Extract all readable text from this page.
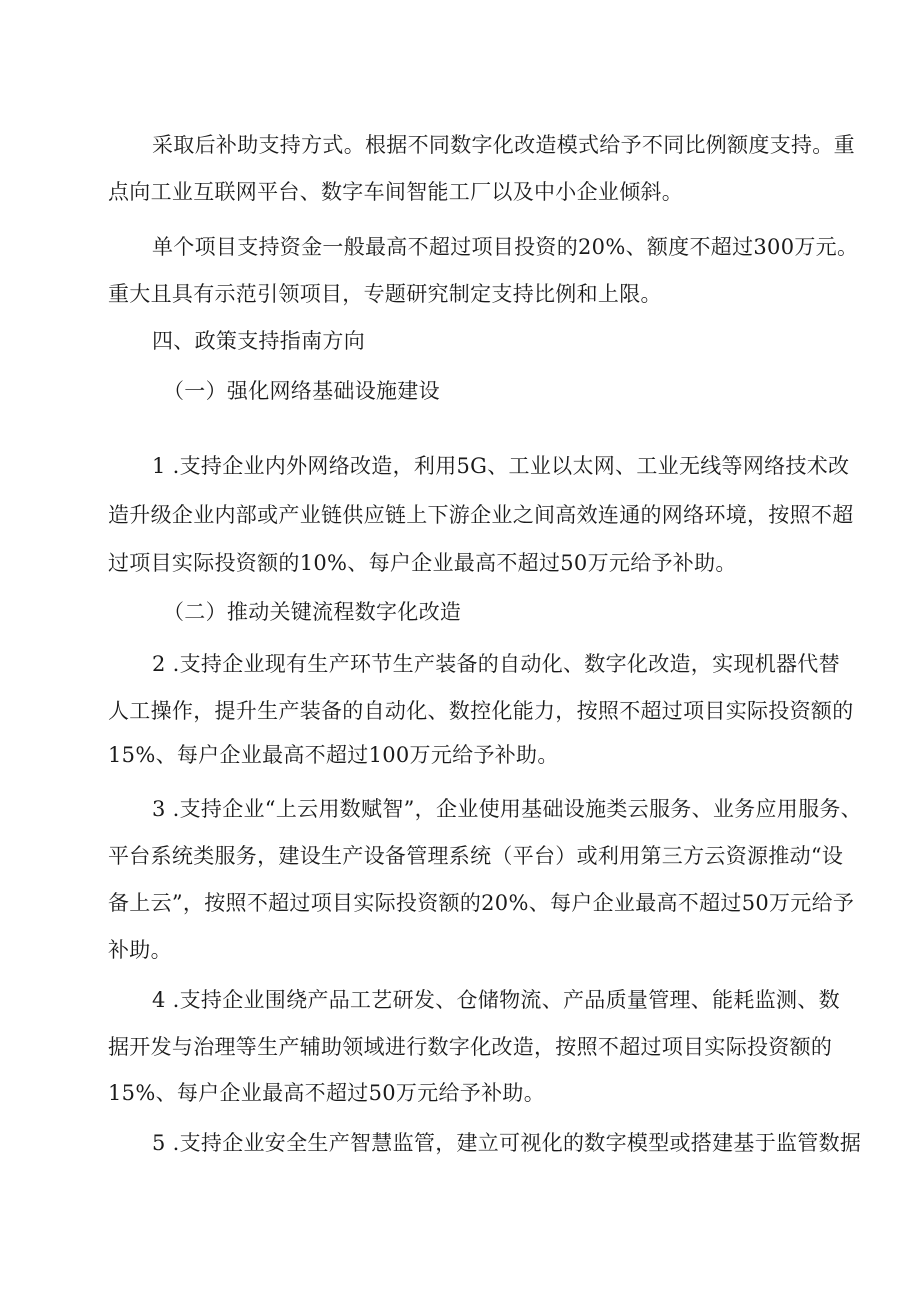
采取后补助支持方式。根据不同数字化改造模式给予不同比例额度支持。重
点向工业互联网平台、数字车间智能工厂以及中小企业倾斜。
单个项目支持资金一般最高不超过项目投资的20%、额度不超过300万元。
重大且具有示范引领项目，专题研究制定支持比例和上限。
四、政策支持指南方向
（一）强化网络基础设施建设
1 .支持企业内外网络改造，利用5G、工业以太网、工业无线等网络技术改
造升级企业内部或产业链供应链上下游企业之间高效连通的网络环境，按照不超
过项目实际投资额的10%、每户企业最高不超过50万元给予补助。
（二）推动关键流程数字化改造
2 .支持企业现有生产环节生产装备的自动化、数字化改造，实现机器代替
人工操作，提升生产装备的自动化、数控化能力，按照不超过项目实际投资额的
15%、每户企业最高不超过100万元给予补助。
3 .支持企业“上云用数赋智”，企业使用基础设施类云服务、业务应用服务、
平台系统类服务，建设生产设备管理系统（平台）或利用第三方云资源推动“设
备上云”，按照不超过项目实际投资额的20%、每户企业最高不超过50万元给予
补助。
4 .支持企业围绕产品工艺研发、仓储物流、产品质量管理、能耗监测、数
据开发与治理等生产辅助领域进行数字化改造，按照不超过项目实际投资额的
15%、每户企业最高不超过50万元给予补助。
5 .支持企业安全生产智慧监管，建立可视化的数字模型或搭建基于监管数据
